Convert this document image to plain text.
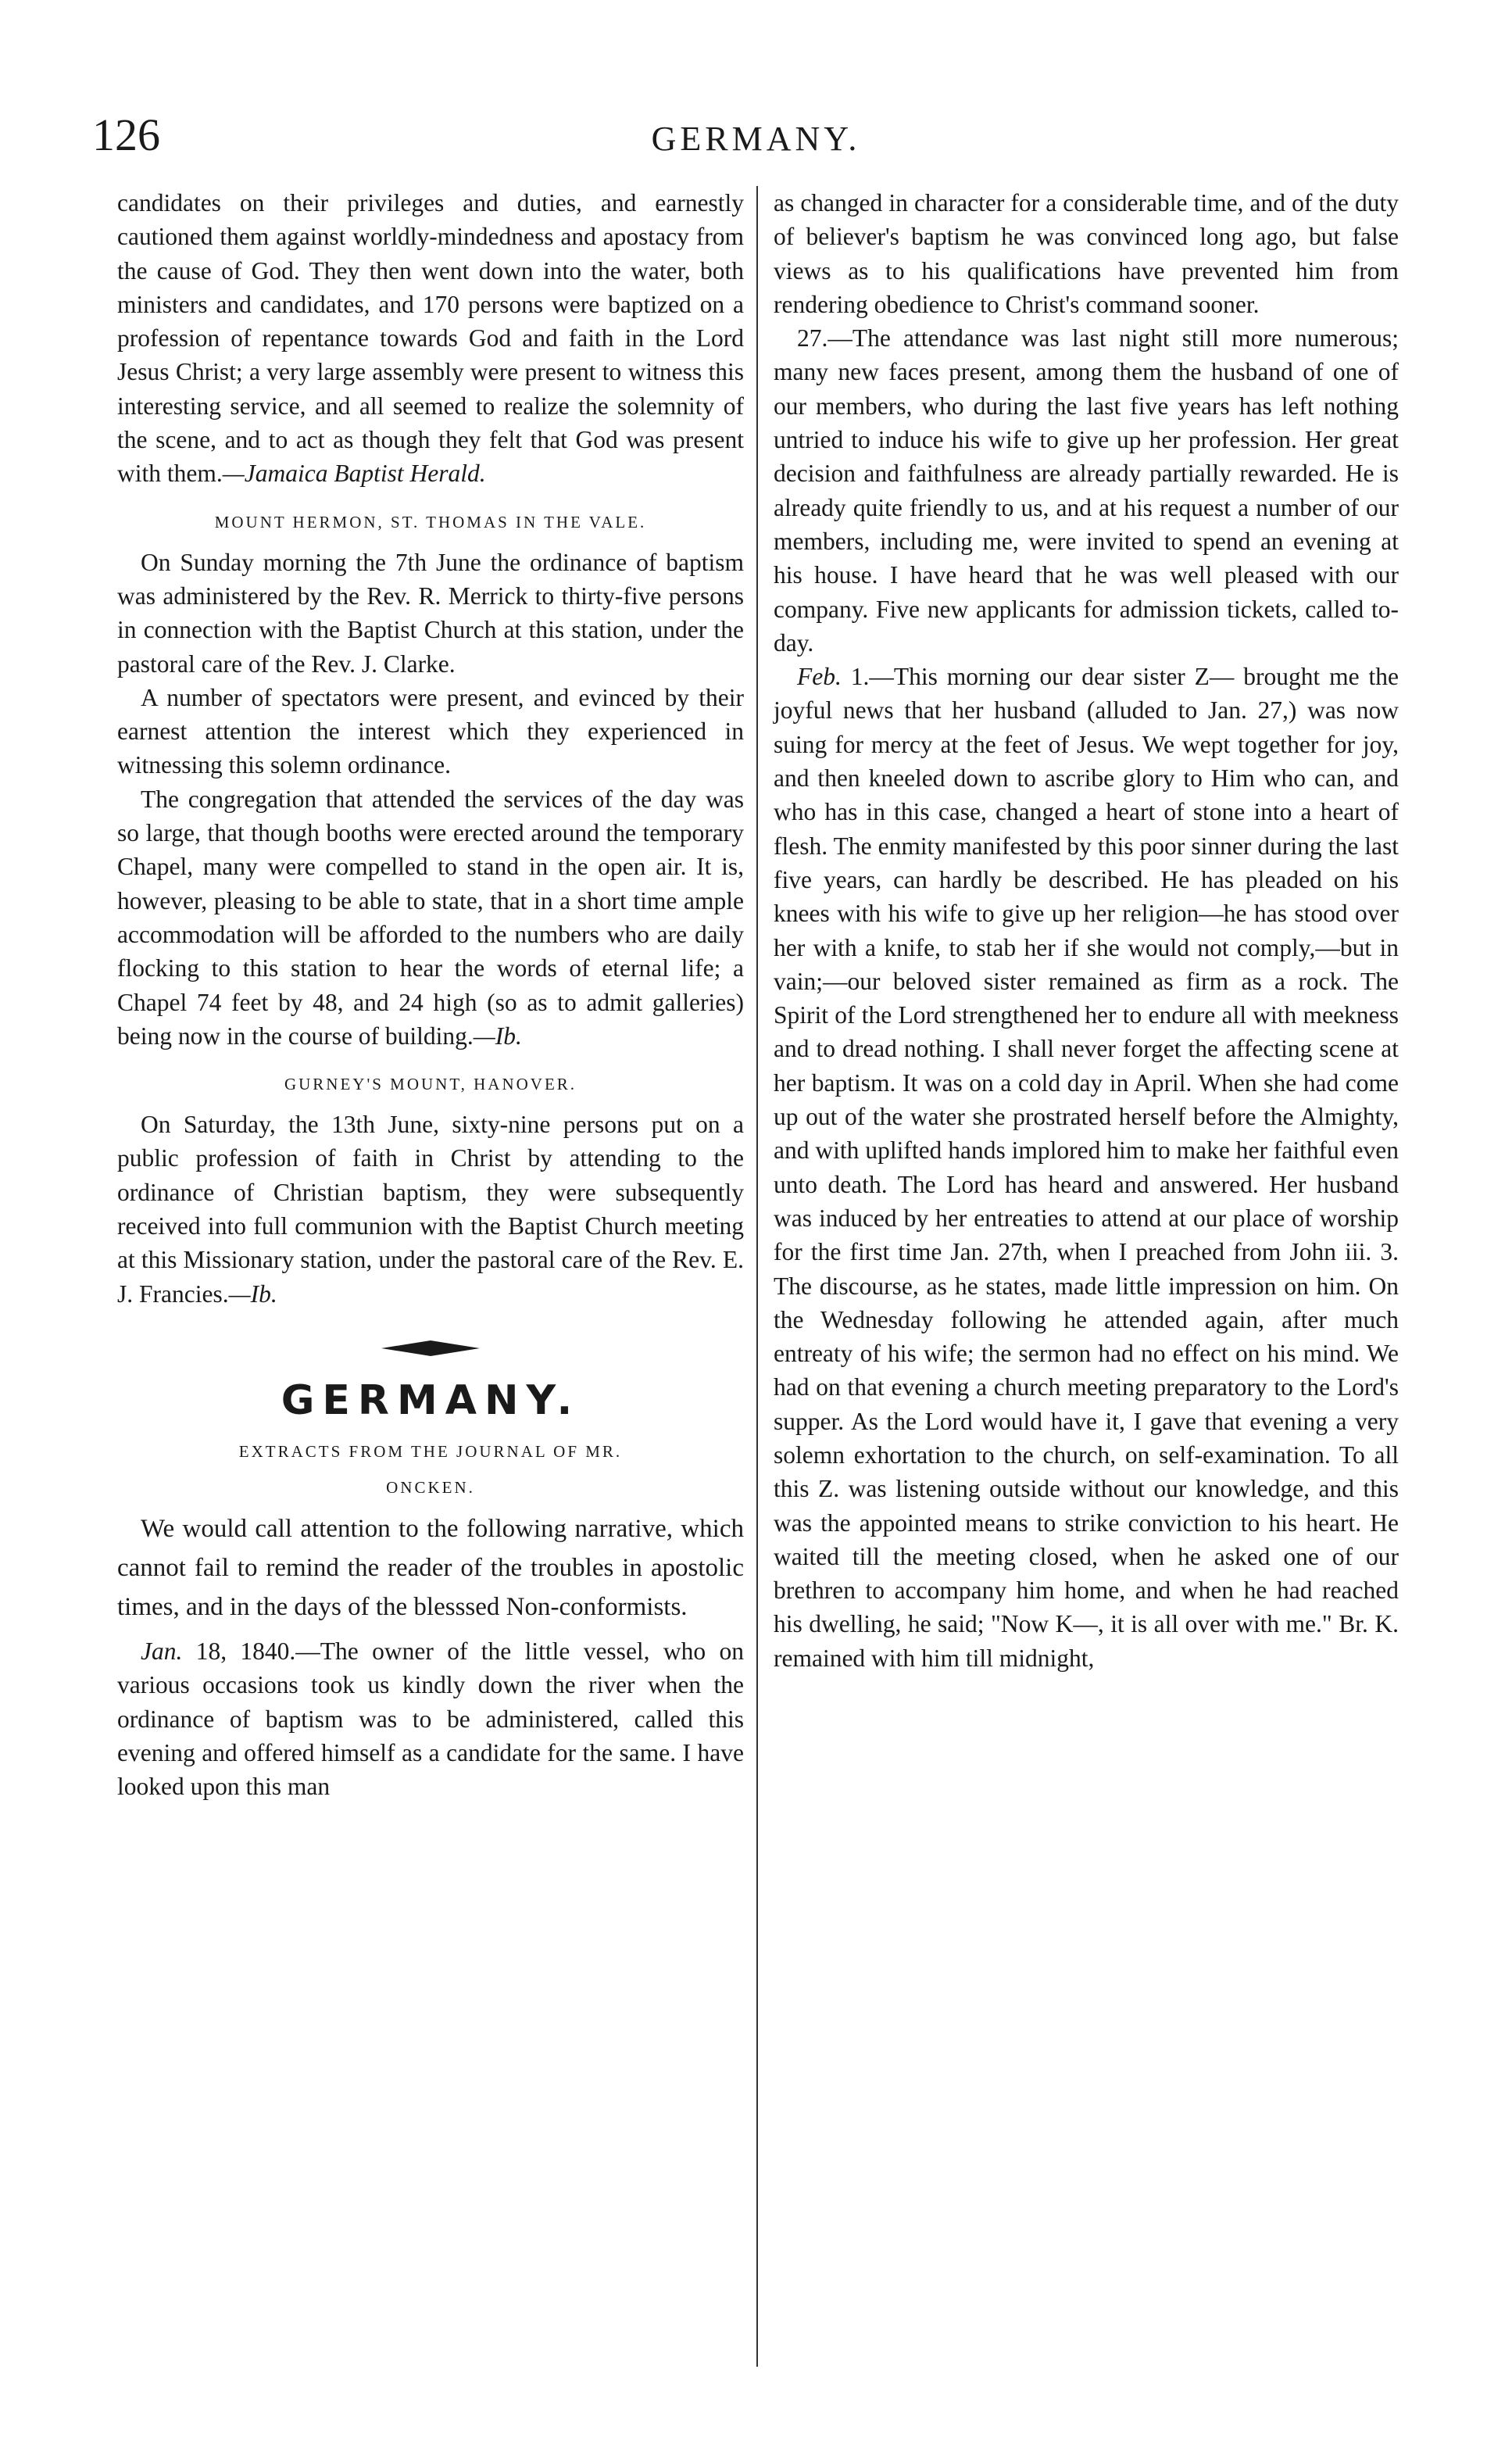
126	GERMANY.

candidates on their privileges and duties, and earnestly cautioned them against worldly-mindedness and apostacy from the cause of God. They then went down into the water, both ministers and candidates, and 170 persons were baptized on a profession of repentance towards God and faith in the Lord Jesus Christ; a very large assembly were present to witness this interesting service, and all seemed to realize the solemnity of the scene, and to act as though they felt that God was present with them.—Jamaica Baptist Herald.

MOUNT HERMON, ST. THOMAS IN THE VALE.

On Sunday morning the 7th June the ordinance of baptism was administered by the Rev. R. Merrick to thirty-five persons in connection with the Baptist Church at this station, under the pastoral care of the Rev. J. Clarke.

A number of spectators were present, and evinced by their earnest attention the interest which they experienced in witnessing this solemn ordinance.

The congregation that attended the services of the day was so large, that though booths were erected around the temporary Chapel, many were compelled to stand in the open air. It is, however, pleasing to be able to state, that in a short time ample accommodation will be afforded to the numbers who are daily flocking to this station to hear the words of eternal life; a Chapel 74 feet by 48, and 24 high (so as to admit galleries) being now in the course of building.—Ib.

GURNEY'S MOUNT, HANOVER.

On Saturday, the 13th June, sixty-nine persons put on a public profession of faith in Christ by attending to the ordinance of Christian baptism, they were subsequently received into full communion with the Baptist Church meeting at this Missionary station, under the pastoral care of the Rev. E. J. Francies.—Ib.

GERMANY.
EXTRACTS FROM THE JOURNAL OF MR.
ONCKEN.

We would call attention to the following narrative, which cannot fail to remind the reader of the troubles in apostolic times, and in the days of the blesssed Non-conformists.

Jan. 18, 1840.—The owner of the little vessel, who on various occasions took us kindly down the river when the ordinance of baptism was to be administered, called this evening and offered himself as a candidate for the same. I have looked upon this man

as changed in character for a considerable time, and of the duty of believer's baptism he was convinced long ago, but false views as to his qualifications have prevented him from rendering obedience to Christ's command sooner.

27.—The attendance was last night still more numerous; many new faces present, among them the husband of one of our members, who during the last five years has left nothing untried to induce his wife to give up her profession. Her great decision and faithfulness are already partially rewarded. He is already quite friendly to us, and at his request a number of our members, including me, were invited to spend an evening at his house. I have heard that he was well pleased with our company. Five new applicants for admission tickets, called to-day.

Feb. 1.—This morning our dear sister Z— brought me the joyful news that her husband (alluded to Jan. 27,) was now suing for mercy at the feet of Jesus. We wept together for joy, and then kneeled down to ascribe glory to Him who can, and who has in this case, changed a heart of stone into a heart of flesh. The enmity manifested by this poor sinner during the last five years, can hardly be described. He has pleaded on his knees with his wife to give up her religion—he has stood over her with a knife, to stab her if she would not comply,—but in vain;—our beloved sister remained as firm as a rock. The Spirit of the Lord strengthened her to endure all with meekness and to dread nothing. I shall never forget the affecting scene at her baptism. It was on a cold day in April. When she had come up out of the water she prostrated herself before the Almighty, and with uplifted hands implored him to make her faithful even unto death. The Lord has heard and answered. Her husband was induced by her entreaties to attend at our place of worship for the first time Jan. 27th, when I preached from John iii. 3. The discourse, as he states, made little impression on him. On the Wednesday following he attended again, after much entreaty of his wife; the sermon had no effect on his mind. We had on that evening a church meeting preparatory to the Lord's supper. As the Lord would have it, I gave that evening a very solemn exhortation to the church, on self-examination. To all this Z. was listening outside without our knowledge, and this was the appointed means to strike conviction to his heart. He waited till the meeting closed, when he asked one of our brethren to accompany him home, and when he had reached his dwelling, he said; "Now K—, it is all over with me." Br. K. remained with him till midnight,
